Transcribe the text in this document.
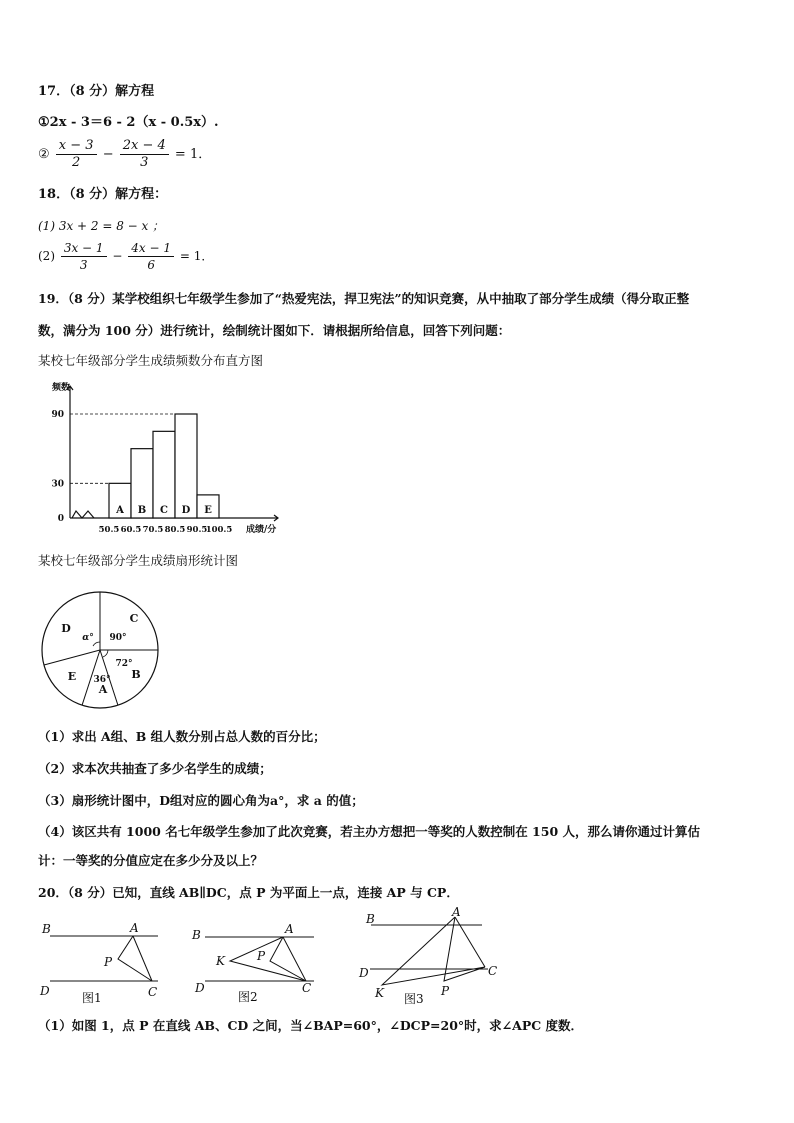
17．（8 分）解方程
①2x - 3＝6 - 2（x - 0.5x）.
② $\frac{x - 3}{2} - \frac{2x - 4}{3} = 1$．
18．（8 分）解方程：
(1) 3x + 2 = 8 − x ；
$(2) \frac{3x - 1}{3} - \frac{4x - 1}{6} = 1$．
19．（8 分）某学校组织七年级学生参加了“热爱宪法，捍卫宪法”的知识竞赛，从中抽取了部分学生成绩（得分取正整
数，满分为 100 分）进行统计，绘制统计图如下．请根据所给信息，回答下列问题：
某校七年级部分学生成绩频数分布直方图
A B C D E
0
30
90
50.5 60.5 70.5 80.5 90.5
100.5
频数
成绩/分
某校七年级部分学生成绩扇形统计图
C
D
B
E
A
90°
72°
36°
α°
（1）求出 A组、B 组人数分别占总人数的百分比；
（2）求本次共抽查了多少名学生的成绩；
（3）扇形统计图中，D组对应的圆心角为a°，求 a 的值；
（4）该区共有 1000 名七年级学生参加了此次竞赛，若主办方想把一等奖的人数控制在 150 人，那么请你通过计算估
计：一等奖的分值应定在多少分及以上？
20．（8 分）已知，直线 AB∥DC，点 P 为平面上一点，连接 AP 与 CP．
B	A
P
D	C
B	A
K	P
D	C
B	A
D	C
K	P
图1	图2	图3
（1）如图 1，点 P 在直线 AB、CD 之间，当∠BAP=60°，∠DCP=20°时，求∠APC 度数．
